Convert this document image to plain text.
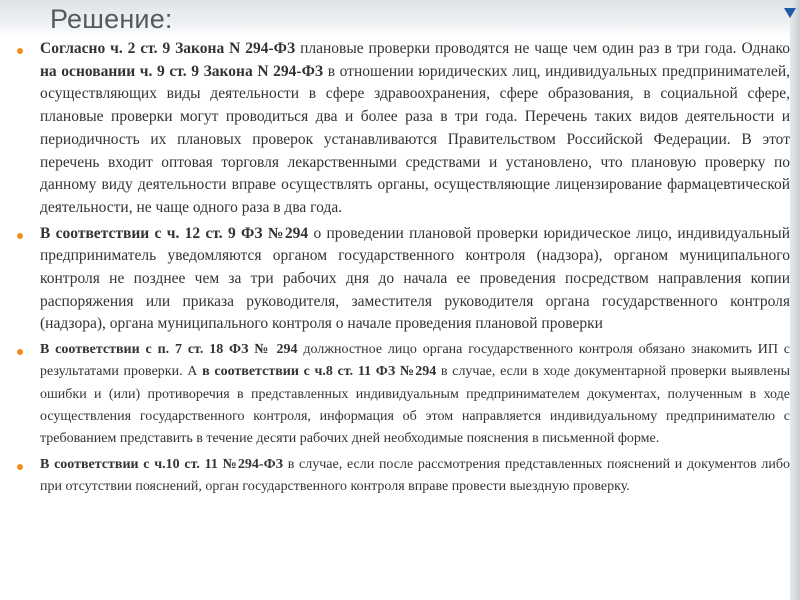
Решение:
Согласно ч. 2 ст. 9 Закона N 294-ФЗ плановые проверки проводятся не чаще чем один раз в три года. Однако на основании ч. 9 ст. 9 Закона N 294-ФЗ в отношении юридических лиц, индивидуальных предпринимателей, осуществляющих виды деятельности в сфере здравоохранения, сфере образования, в социальной сфере, плановые проверки могут проводиться два и более раза в три года. Перечень таких видов деятельности и периодичность их плановых проверок устанавливаются Правительством Российской Федерации. В этот перечень входит оптовая торговля лекарственными средствами и установлено, что плановую проверку по данному виду деятельности вправе осуществлять органы, осуществляющие лицензирование фармацевтической деятельности, не чаще одного раза в два года.
В соответствии с ч. 12 ст. 9 ФЗ №294 о проведении плановой проверки юридическое лицо, индивидуальный предприниматель уведомляются органом государственного контроля (надзора), органом муниципального контроля не позднее чем за три рабочих дня до начала ее проведения посредством направления копии распоряжения или приказа руководителя, заместителя руководителя органа государственного контроля (надзора), органа муниципального контроля о начале проведения плановой проверки
В соответствии с п. 7 ст. 18 ФЗ № 294 должностное лицо органа государственного контроля обязано знакомить ИП с результатами проверки. А в соответствии с ч.8 ст. 11 ФЗ №294 в случае, если в ходе документарной проверки выявлены ошибки и (или) противоречия в представленных индивидуальным предпринимателем документах, полученным в ходе осуществления государственного контроля, информация об этом направляется индивидуальному предпринимателю с требованием представить в течение десяти рабочих дней необходимые пояснения в письменной форме.
В соответствии с ч.10 ст. 11 №294-ФЗ в случае, если после рассмотрения представленных пояснений и документов либо при отсутствии пояснений, орган государственного контроля вправе провести выездную проверку.
